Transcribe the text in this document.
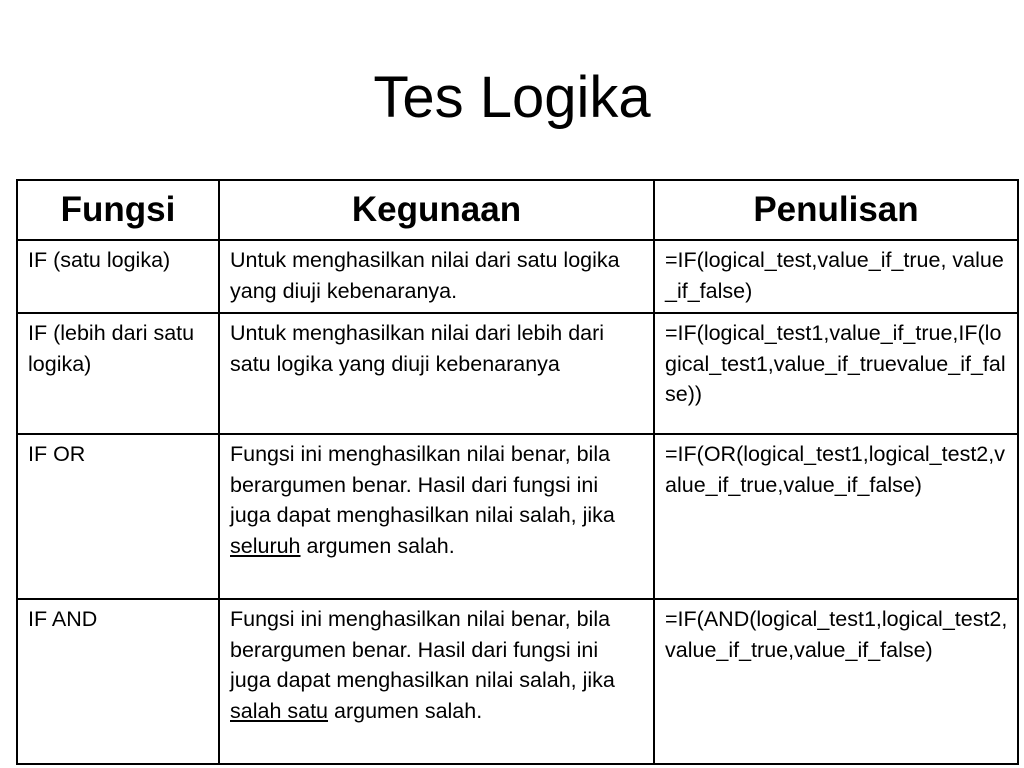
Tes Logika
Fungsi	Kegunaan	Penulisan
IF (satu logika)	Untuk menghasilkan nilai dari satu logika yang diuji kebenaranya.	=IF(logical_test,value_if_true, value_if_false)
IF (lebih dari satu logika)	Untuk menghasilkan nilai dari lebih dari satu logika yang diuji kebenaranya	=IF(logical_test1,value_if_true,IF(logical_test1,value_if_truevalue_if_false))
IF OR	Fungsi ini menghasilkan nilai benar, bila berargumen benar. Hasil dari fungsi ini juga dapat menghasilkan nilai salah, jika seluruh argumen salah.	=IF(OR(logical_test1,logical_test2,value_if_true,value_if_false)
IF AND	Fungsi ini menghasilkan nilai benar, bila berargumen benar. Hasil dari fungsi ini juga dapat menghasilkan nilai salah, jika salah satu argumen salah.	=IF(AND(logical_test1,logical_test2,value_if_true,value_if_false)
